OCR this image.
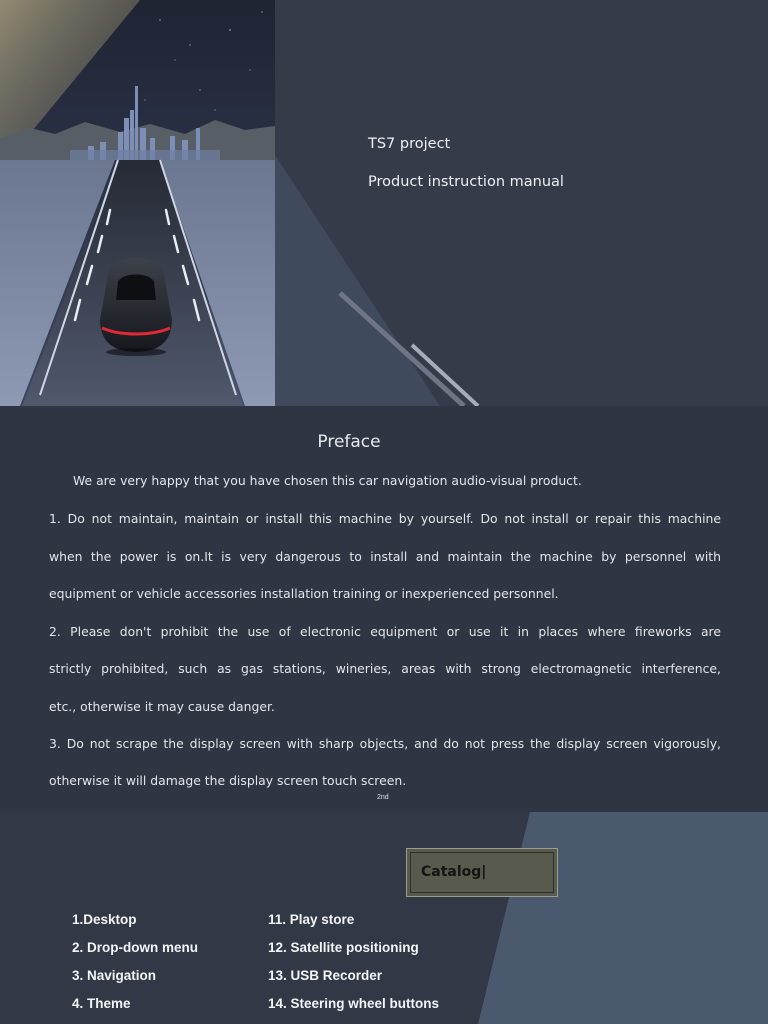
TS7 project
Product instruction manual
Preface
We are very happy that you have chosen this car navigation audio-visual product.
1. Do not maintain, maintain or install this machine by yourself. Do not install or repair this machine
when the power is on.It is very dangerous to install and maintain the machine by personnel with
equipment or vehicle accessories installation training or inexperienced personnel.
2. Please don't prohibit the use of electronic equipment or use it in places where fireworks are
strictly prohibited, such as gas stations, wineries, areas with strong electromagnetic interference,
etc., otherwise it may cause danger.
3. Do not scrape the display screen with sharp objects, and do not press the display screen vigorously,
otherwise it will damage the display screen touch screen.
2nd
Catalog|
1.Desktop
2. Drop-down menu
3. Navigation
4. Theme
11. Play store
12. Satellite positioning
13. USB Recorder
14. Steering wheel buttons
